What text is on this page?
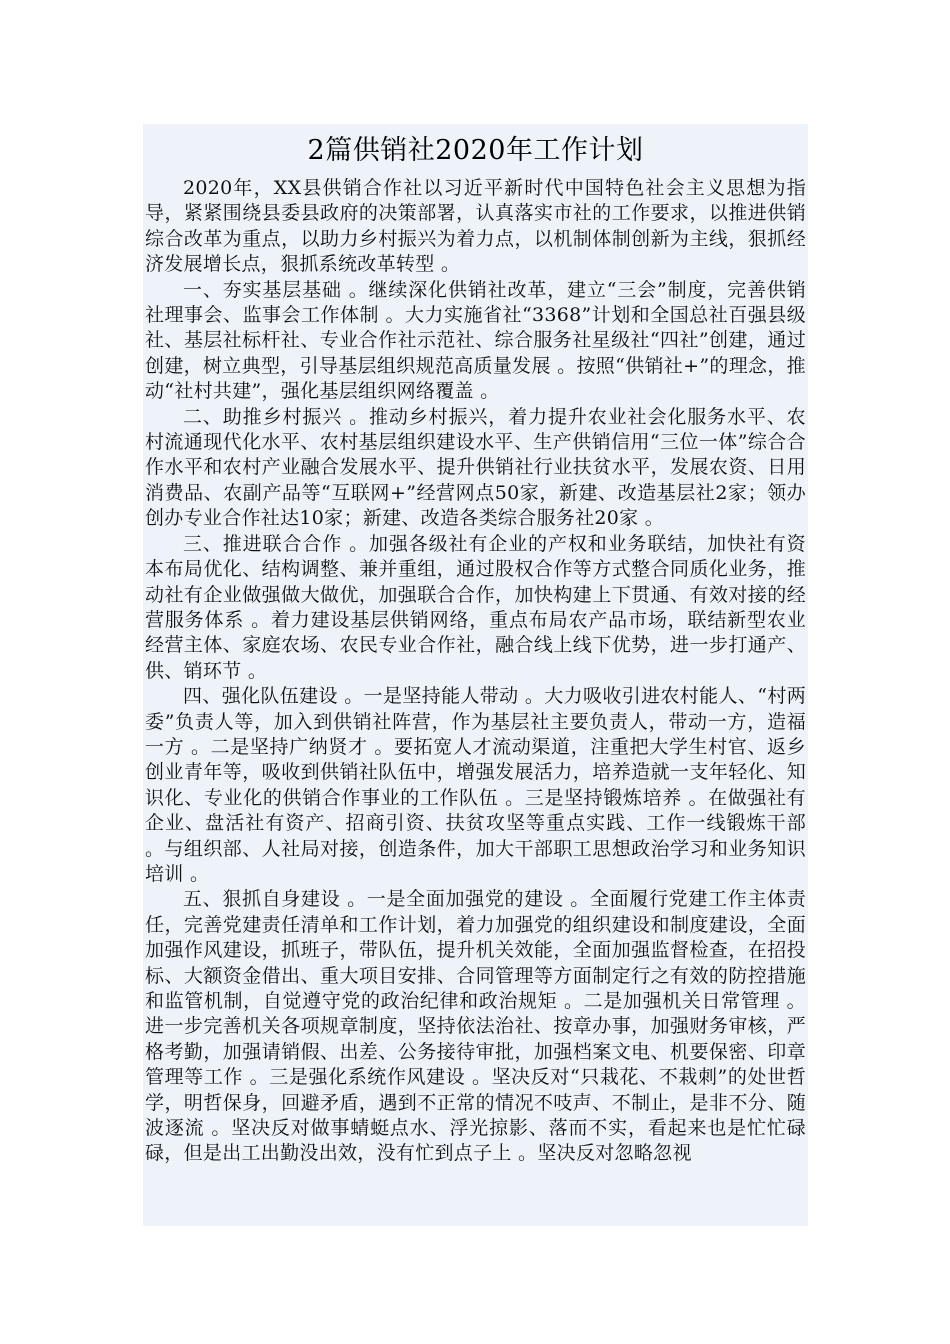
2篇供销社2020年工作计划

2020年，XX县供销合作社以习近平新时代中国特色社会主义思想为指导，紧紧围绕县委县政府的决策部署，认真落实市社的工作要求，以推进供销综合改革为重点，以助力乡村振兴为着力点，以机制体制创新为主线，狠抓经济发展增长点，狠抓系统改革转型 。

一、夯实基层基础 。继续深化供销社改革，建立“三会”制度，完善供销社理事会、监事会工作体制 。大力实施省社“3368”计划和全国总社百强县级社、基层社标杆社、专业合作社示范社、综合服务社星级社“四社”创建，通过创建，树立典型，引导基层组织规范高质量发展 。按照“供销社+”的理念，推动“社村共建”，强化基层组织网络覆盖 。

二、助推乡村振兴 。推动乡村振兴，着力提升农业社会化服务水平、农村流通现代化水平、农村基层组织建设水平、生产供销信用“三位一体”综合合作水平和农村产业融合发展水平、提升供销社行业扶贫水平，发展农资、日用消费品、农副产品等“互联网+”经营网点50家，新建、改造基层社2家；领办创办专业合作社达10家；新建、改造各类综合服务社20家 。

三、推进联合合作 。加强各级社有企业的产权和业务联结，加快社有资本布局优化、结构调整、兼并重组，通过股权合作等方式整合同质化业务，推动社有企业做强做大做优，加强联合合作，加快构建上下贯通、有效对接的经营服务体系 。着力建设基层供销网络，重点布局农产品市场，联结新型农业经营主体、家庭农场、农民专业合作社，融合线上线下优势，进一步打通产、供、销环节 。

四、强化队伍建设 。一是坚持能人带动 。大力吸收引进农村能人、“村两委”负责人等，加入到供销社阵营，作为基层社主要负责人，带动一方，造福一方 。二是坚持广纳贤才 。要拓宽人才流动渠道，注重把大学生村官、返乡创业青年等，吸收到供销社队伍中，增强发展活力，培养造就一支年轻化、知识化、专业化的供销合作事业的工作队伍 。三是坚持锻炼培养 。在做强社有企业、盘活社有资产、招商引资、扶贫攻坚等重点实践、工作一线锻炼干部 。与组织部、人社局对接，创造条件，加大干部职工思想政治学习和业务知识培训 。

五、狠抓自身建设 。一是全面加强党的建设 。全面履行党建工作主体责任，完善党建责任清单和工作计划，着力加强党的组织建设和制度建设，全面加强作风建设，抓班子，带队伍，提升机关效能，全面加强监督检查，在招投标、大额资金借出、重大项目安排、合同管理等方面制定行之有效的防控措施和监管机制，自觉遵守党的政治纪律和政治规矩 。二是加强机关日常管理 。进一步完善机关各项规章制度，坚持依法治社、按章办事，加强财务审核，严格考勤，加强请销假、出差、公务接待审批，加强档案文电、机要保密、印章管理等工作 。三是强化系统作风建设 。坚决反对“只栽花、不栽刺”的处世哲学，明哲保身，回避矛盾，遇到不正常的情况不吱声、不制止，是非不分、随波逐流 。坚决反对做事蜻蜓点水、浮光掠影、落而不实，看起来也是忙忙碌碌，但是出工出勤没出效，没有忙到点子上 。坚决反对忽略忽视
